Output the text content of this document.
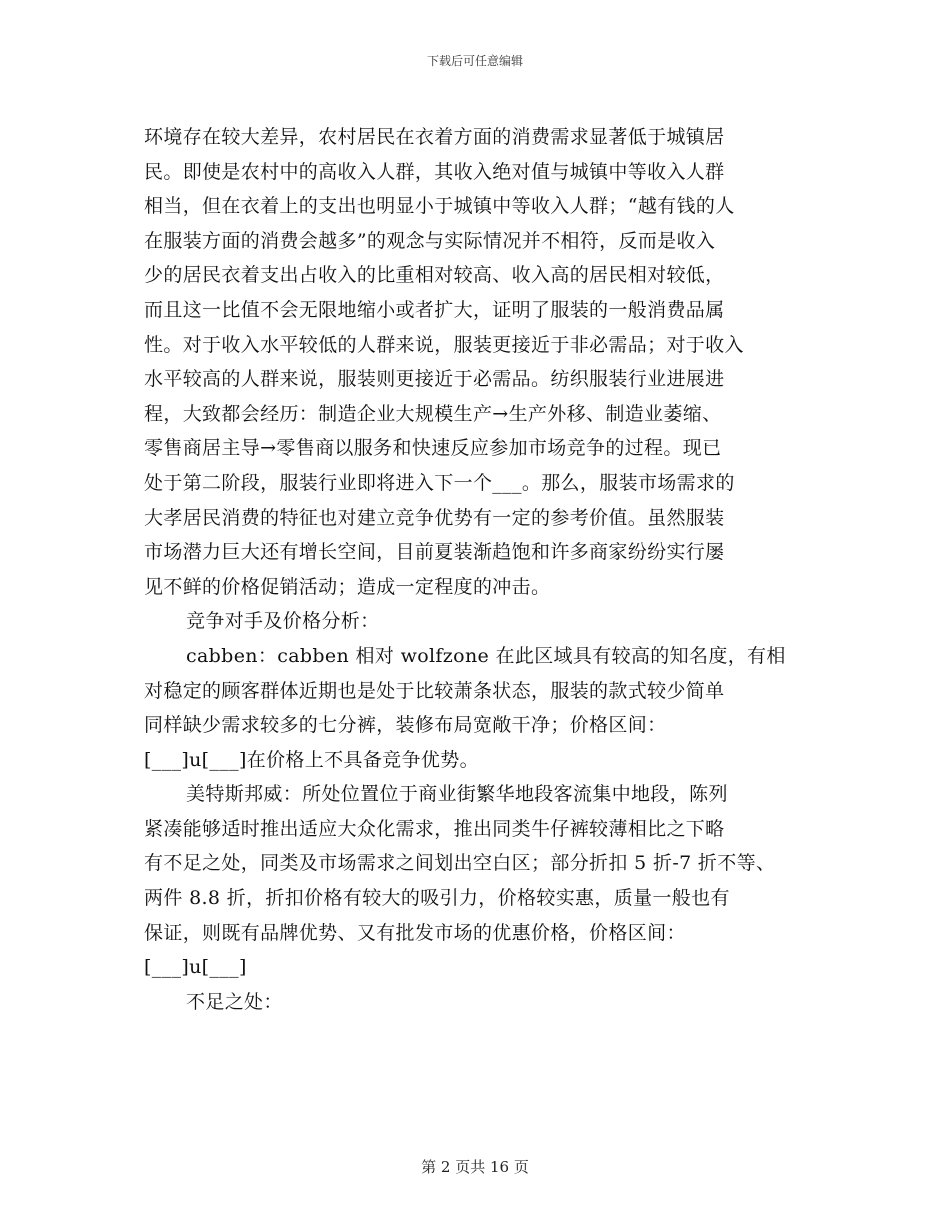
下载后可任意编辑
环境存在较大差异，农村居民在衣着方面的消费需求显著低于城镇居
民。即使是农村中的高收入人群，其收入绝对值与城镇中等收入人群
相当，但在衣着上的支出也明显小于城镇中等收入人群；“越有钱的人
在服装方面的消费会越多”的观念与实际情况并不相符，反而是收入
少的居民衣着支出占收入的比重相对较高、收入高的居民相对较低，
而且这一比值不会无限地缩小或者扩大，证明了服装的一般消费品属
性。对于收入水平较低的人群来说，服装更接近于非必需品；对于收入
水平较高的人群来说，服装则更接近于必需品。纺织服装行业进展进
程，大致都会经历：制造企业大规模生产→生产外移、制造业萎缩、
零售商居主导→零售商以服务和快速反应参加市场竞争的过程。现已
处于第二阶段，服装行业即将进入下一个___。那么，服装市场需求的
大孝居民消费的特征也对建立竞争优势有一定的参考价值。虽然服装
市场潜力巨大还有增长空间，目前夏装渐趋饱和许多商家纷纷实行屡
见不鲜的价格促销活动；造成一定程度的冲击。
竞争对手及价格分析：
cabben：cabben 相对 wolfzone 在此区域具有较高的知名度，有相
对稳定的顾客群体近期也是处于比较萧条状态，服装的款式较少简单
同样缺少需求较多的七分裤，装修布局宽敞干净；价格区间：
[___]u[___]在价格上不具备竞争优势。
美特斯邦威：所处位置位于商业街繁华地段客流集中地段，陈列
紧凑能够适时推出适应大众化需求，推出同类牛仔裤较薄相比之下略
有不足之处，同类及市场需求之间划出空白区；部分折扣 5 折-7 折不等、
两件 8.8 折，折扣价格有较大的吸引力，价格较实惠，质量一般也有
保证，则既有品牌优势、又有批发市场的优惠价格，价格区间：
[___]u[___]
不足之处：
第 2 页共 16 页
